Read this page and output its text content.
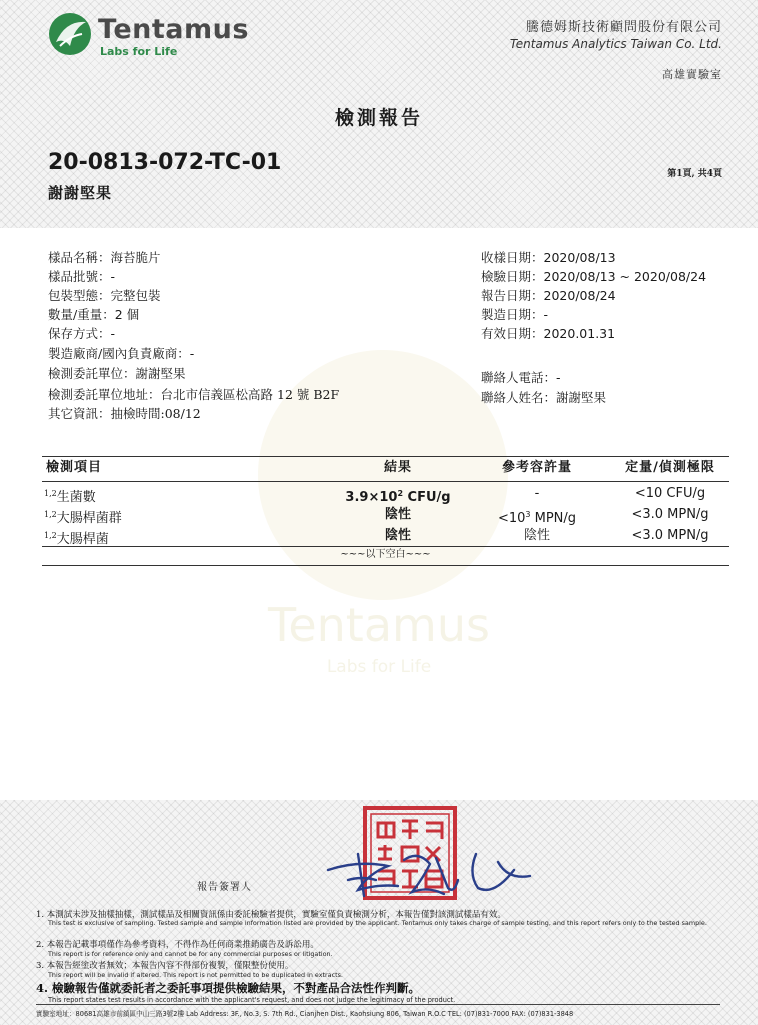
Tentamus
Labs for Life
Tentamus
Labs for Life
騰德姆斯技術顧問股份有限公司
Tentamus Analytics Taiwan Co. Ltd.
高雄實驗室
檢測報告
20-0813-072-TC-01
謝謝堅果
第1頁, 共4頁
樣品名稱：海苔脆片
樣品批號：-
包裝型態：完整包裝
數量/重量：2 個
保存方式：-
製造廠商/國內負責廠商：-
檢測委託單位：謝謝堅果
檢測委託單位地址：台北市信義區松高路 12 號 B2F
其它資訊：抽檢時間:08/12
收樣日期：2020/08/13
檢驗日期：2020/08/13 ~ 2020/08/24
報告日期：2020/08/24
製造日期：-
有效日期：2020.01.31
聯絡人電話：-
聯絡人姓名：謝謝堅果
檢測項目	結果	參考容許量	定量/偵測極限
$^{1,2}$生菌數	$3.9\times 10^2$ CFU/g	-	<10 CFU/g
$^{1,2}$大腸桿菌群	陰性	$<10^3$ MPN/g	<3.0 MPN/g
$^{1,2}$大腸桿菌	陰性	陰性	<3.0 MPN/g
~~~以下空白~~~
報告簽署人
1. 本測試未涉及抽樣抽樣，測試樣品及相關資訊係由委託檢驗者提供，實驗室僅負責檢測分析，本報告僅對該測試樣品有效。
This test is exclusive of sampling. Tested sample and sample information listed are provided by the applicant. Tentamus only takes charge of sample testing, and this report refers only to the tested sample.
2. 本報告記載事項僅作為參考資料，不得作為任何商業推銷廣告及訴訟用。
This report is for reference only and cannot be for any commercial purposes or litigation.
3. 本報告經塗改者無效；本報告內容不得部份複製，僅限整份使用。
This report will be invalid if altered. This report is not permitted to be duplicated in extracts.
4. 檢驗報告僅就委託者之委託事項提供檢驗結果，不對產品合法性作判斷。
This report states test results in accordance with the applicant's request, and does not judge the legitimacy of the product.
實驗室地址：80681高雄市前鎮區中山三路3號2樓 Lab Address: 3F., No.3, S. 7th Rd., Cianjhen Dist., Kaohsiung 806, Taiwan R.O.C TEL: (07)831-7000 FAX: (07)831-3848
